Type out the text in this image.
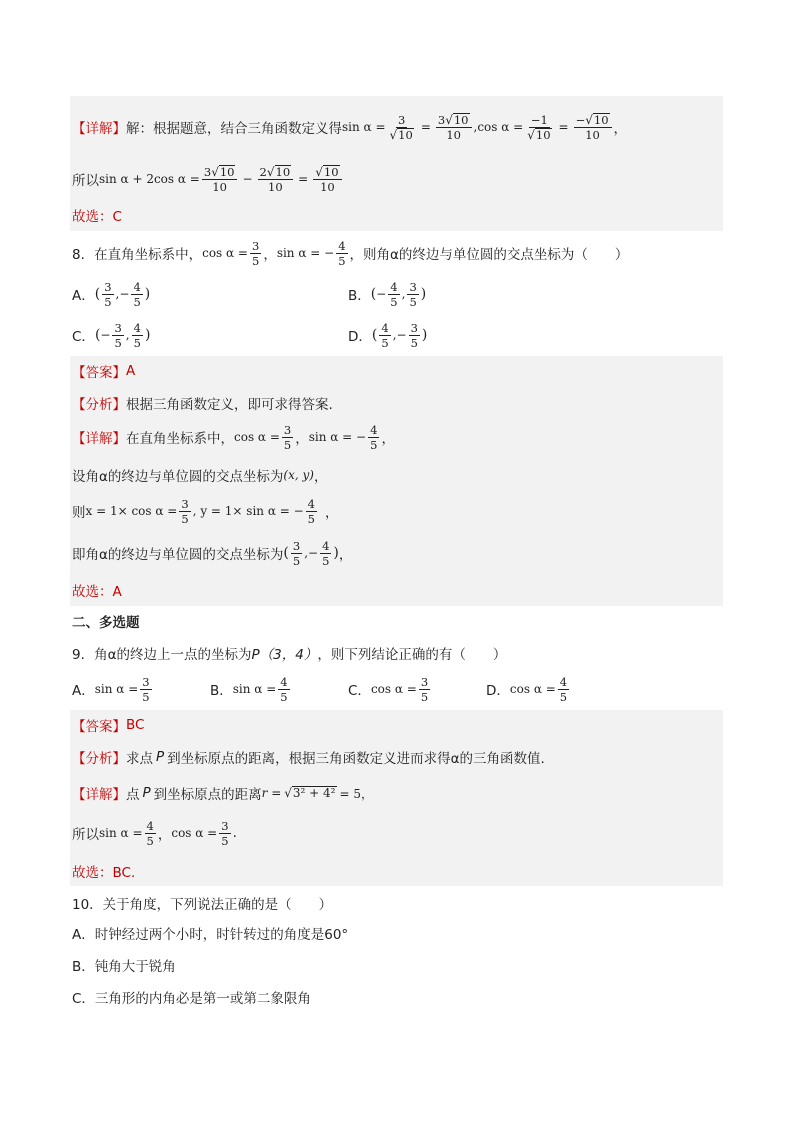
【详解】 解：根据题意，结合三角函数定义得 $\sin \alpha = \frac{3}{√ 10} = \frac{3 √ 10}{10}$ , $\cos \alpha = \frac{-1}{√ 10} = \frac{- √ 10}{10}$ ，
所以 sin α + 2cos $\alpha = \frac{3 √ 10}{10} - \frac{2 √ 10}{10} = \frac{√ 10}{10}$
故选：C
8．在直角坐标系中， $\cos \alpha = \frac{3}{5}$ ， sin α = − $\frac{4}{5}$ ，则角α的终边与单位圆的交点坐标为（　　）
A． ( $\frac{3}{5}$ , − $\frac{4}{5}$ )	B． ( − $\frac{4}{5}$ , $\frac{3}{5}$ )
C． ( − $\frac{3}{5}$ , $\frac{4}{5}$ )	D． ( $\frac{4}{5}$ , − $\frac{3}{5}$ )
【答案】 A
【分析】 根据三角函数定义，即可求得答案.
【详解】 在直角坐标系中， $\cos \alpha = \frac{3}{5}$ ， sin α = − $\frac{4}{5}$ ，
设角α的终边与单位圆的交点坐标为 (x, y) ，
则 $x = 1\times \cos \alpha = \frac{3}{5}$ , y = 1× sin α = − $\frac{4}{5}$ ，
即角α的终边与单位圆的交点坐标为 ( $\frac{3}{5}$ , − $\frac{4}{5}$ ) ，
故选：A
二、多选题
9．角α的终边上一点的坐标为 P（3，4） ，则下列结论正确的有（　　）
A． $\sin \alpha = \frac{3}{5}$	B． $\sin \alpha = \frac{4}{5}$	C． $\cos \alpha = \frac{3}{5}$	D． $\cos \alpha = \frac{4}{5}$
【答案】 BC
【分析】 求点 P 到坐标原点的距离，根据三角函数定义进而求得α的三角函数值.
【详解】 点 P 到坐标原点的距离 r = √ 3² + 4² = 5，
所以 $\sin \alpha = \frac{4}{5}$ ， $\cos \alpha = \frac{3}{5}$ .
故选：BC.
10．关于角度，下列说法正确的是（　　）
A．时钟经过两个小时，时针转过的角度是60°
B．钝角大于锐角
C．三角形的内角必是第一或第二象限角
